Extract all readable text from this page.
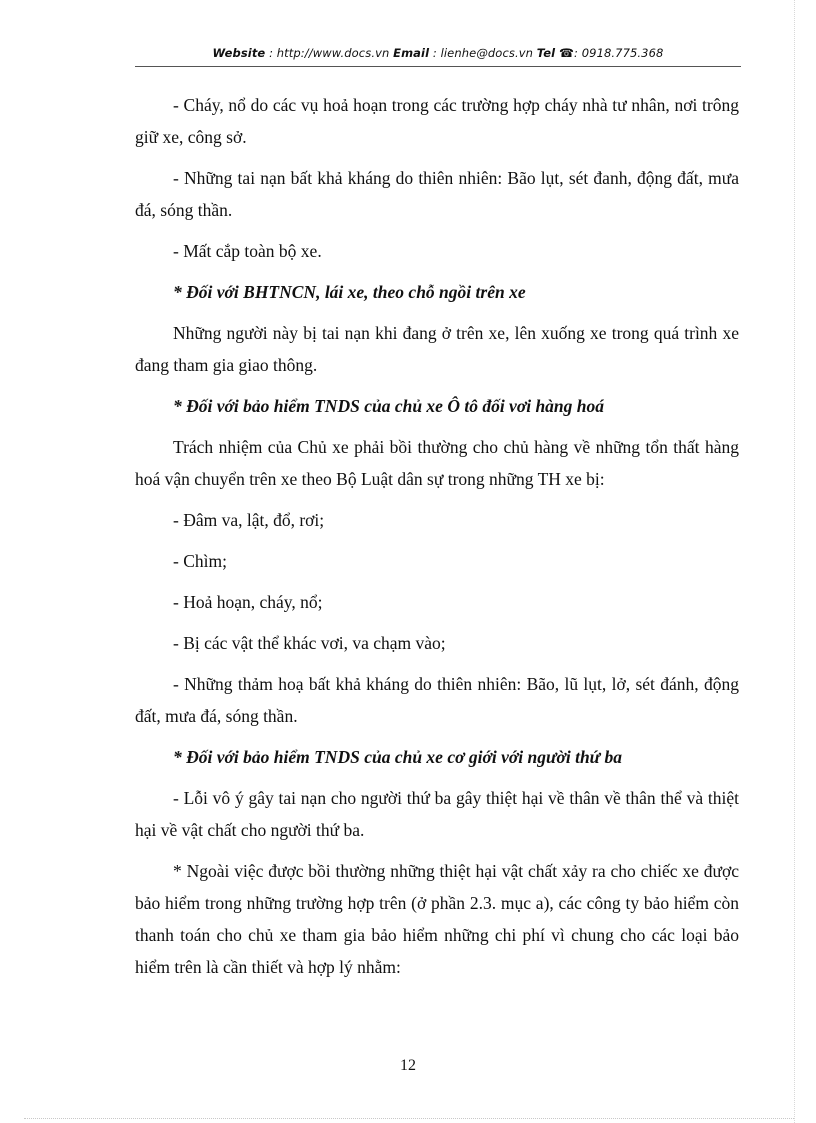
Website : http://www.docs.vn Email : lienhe@docs.vn Tel ☎: 0918.775.368

- Cháy, nổ do các vụ hoả hoạn trong các trường hợp cháy nhà tư nhân, nơi trông giữ xe, công sở.

- Những tai nạn bất khả kháng do thiên nhiên: Bão lụt, sét đanh, động đất, mưa đá, sóng thần.

- Mất cắp toàn bộ xe.

* Đối với BHTNCN, lái xe, theo chỗ ngồi trên xe

Những người này bị tai nạn khi đang ở trên xe, lên xuống xe trong quá trình xe đang tham gia giao thông.

* Đối với bảo hiểm TNDS của chủ xe Ô tô đối vơi hàng hoá

Trách nhiệm của Chủ xe phải bồi thường cho chủ hàng về những tổn thất hàng hoá vận chuyển trên xe theo Bộ Luật dân sự trong những TH xe bị:

- Đâm va, lật, đổ, rơi;

- Chìm;

- Hoả hoạn, cháy, nổ;

- Bị các vật thể khác vơi, va chạm vào;

- Những thảm hoạ bất khả kháng do thiên nhiên: Bão, lũ lụt, lở, sét đánh, động đất, mưa đá, sóng thần.

* Đối với bảo hiểm TNDS của chủ xe cơ giới với người thứ ba

- Lỗi vô ý gây tai nạn cho người thứ ba gây thiệt hại về thân về thân thể và thiệt hại về vật chất cho người thứ ba.

* Ngoài việc được bồi thường những thiệt hại vật chất xảy ra cho chiếc xe được bảo hiểm trong những trường hợp trên (ở phần 2.3. mục a), các công ty bảo hiểm còn thanh toán cho chủ xe tham gia bảo hiểm những chi phí vì chung cho các loại bảo hiểm trên là cần thiết và hợp lý nhằm:

12
